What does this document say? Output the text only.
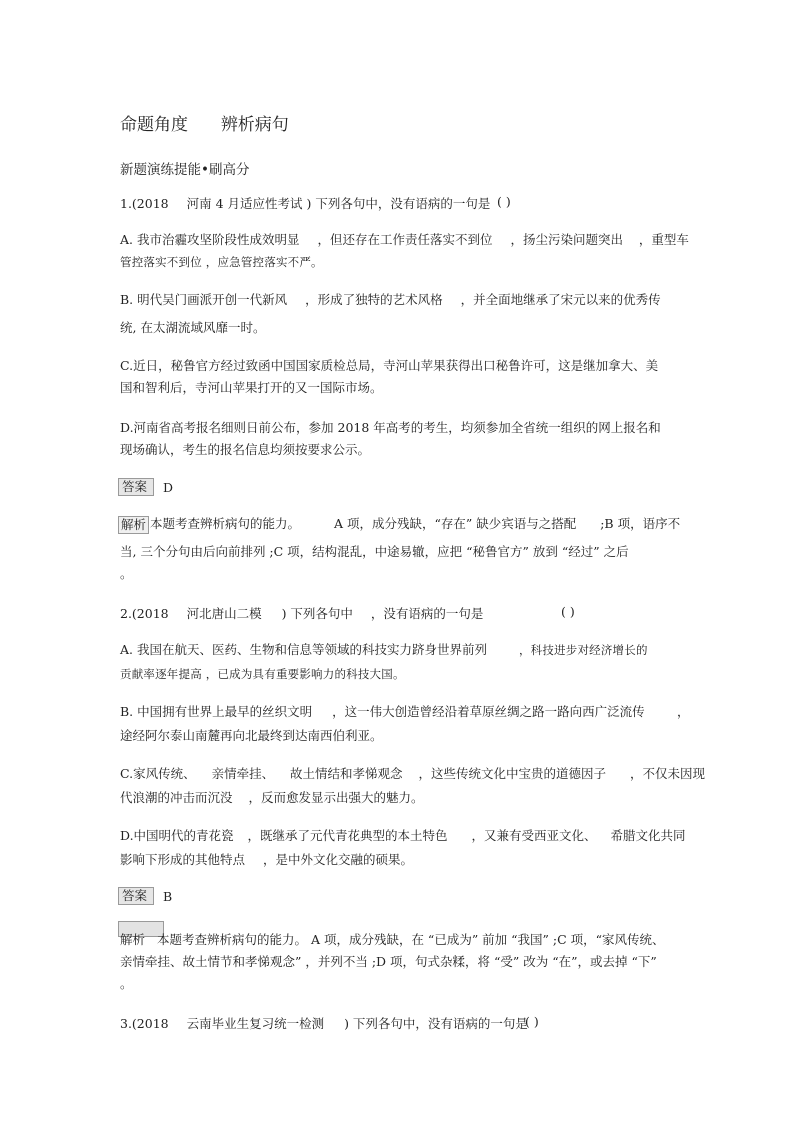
命题角度 辨析病句
新题演练提能•刷高分
1.(2018 河南 4 月适应性考试 ) 下列各句中，没有语病的一句是 ( )
A. 我市治霾攻坚阶段性成效明显 ，但还存在工作责任落实不到位 ，扬尘污染问题突出 ，重型车
管控落实不到位 ，应急管控落实不严。
B. 明代吴门画派开创一代新风 ，形成了独特的艺术风格 ，并全面地继承了宋元以来的优秀传
统, 在太湖流域风靡一时。
C.近日，秘鲁官方经过致函中国国家质检总局，寺河山苹果获得出口秘鲁许可，这是继加拿大、美
国和智利后，寺河山苹果打开的又一国际市场。
D.河南省高考报名细则日前公布，参加 2018 年高考的考生，均须参加全省统一组织的网上报名和
现场确认，考生的报名信息均须按要求公示。
答案	D
解析 本题考查辨析病句的能力。	A 项，成分残缺，“存在” 缺少宾语与之搭配 ;B 项，语序不
当, 三个分句由后向前排列 ;C 项，结构混乱，中途易辙，应把 “秘鲁官方” 放到 “经过” 之后
。
2.(2018 河北唐山二模 ) 下列各句中 ，没有语病的一句是	( )
A. 我国在航天、医药、生物和信息等领域的科技实力跻身世界前列	，科技进步对经济增长的
贡献率逐年提高 ，已成为具有重要影响力的科技大国。
B. 中国拥有世界上最早的丝织文明 ，这一伟大创造曾经沿着草原丝绸之路一路向西广泛流传	，
途经阿尔泰山南麓再向北最终到达南西伯利亚。
C.家风传统、 亲情牵挂、 故土情结和孝悌观念 ，这些传统文化中宝贵的道德因子 ，不仅未因现
代浪潮的冲击而沉没 ，反而愈发显示出强大的魅力。
D.中国明代的青花瓷 ，既继承了元代青花典型的本土特色 ，又兼有受西亚文化、 希腊文化共同
影响下形成的其他特点 ，是中外文化交融的硕果。
答案	B
解析 本题考查辨析病句的能力。 A 项，成分残缺，在 “已成为” 前加 “我国” ;C 项，“家风传统、
亲情牵挂、故土情节和孝悌观念” ，并列不当 ;D 项，句式杂糅，将 “受” 改为 “在”，或去掉 “下”
。
3.(2018 云南毕业生复习统一检测 ) 下列各句中，没有语病的一句是
( )
